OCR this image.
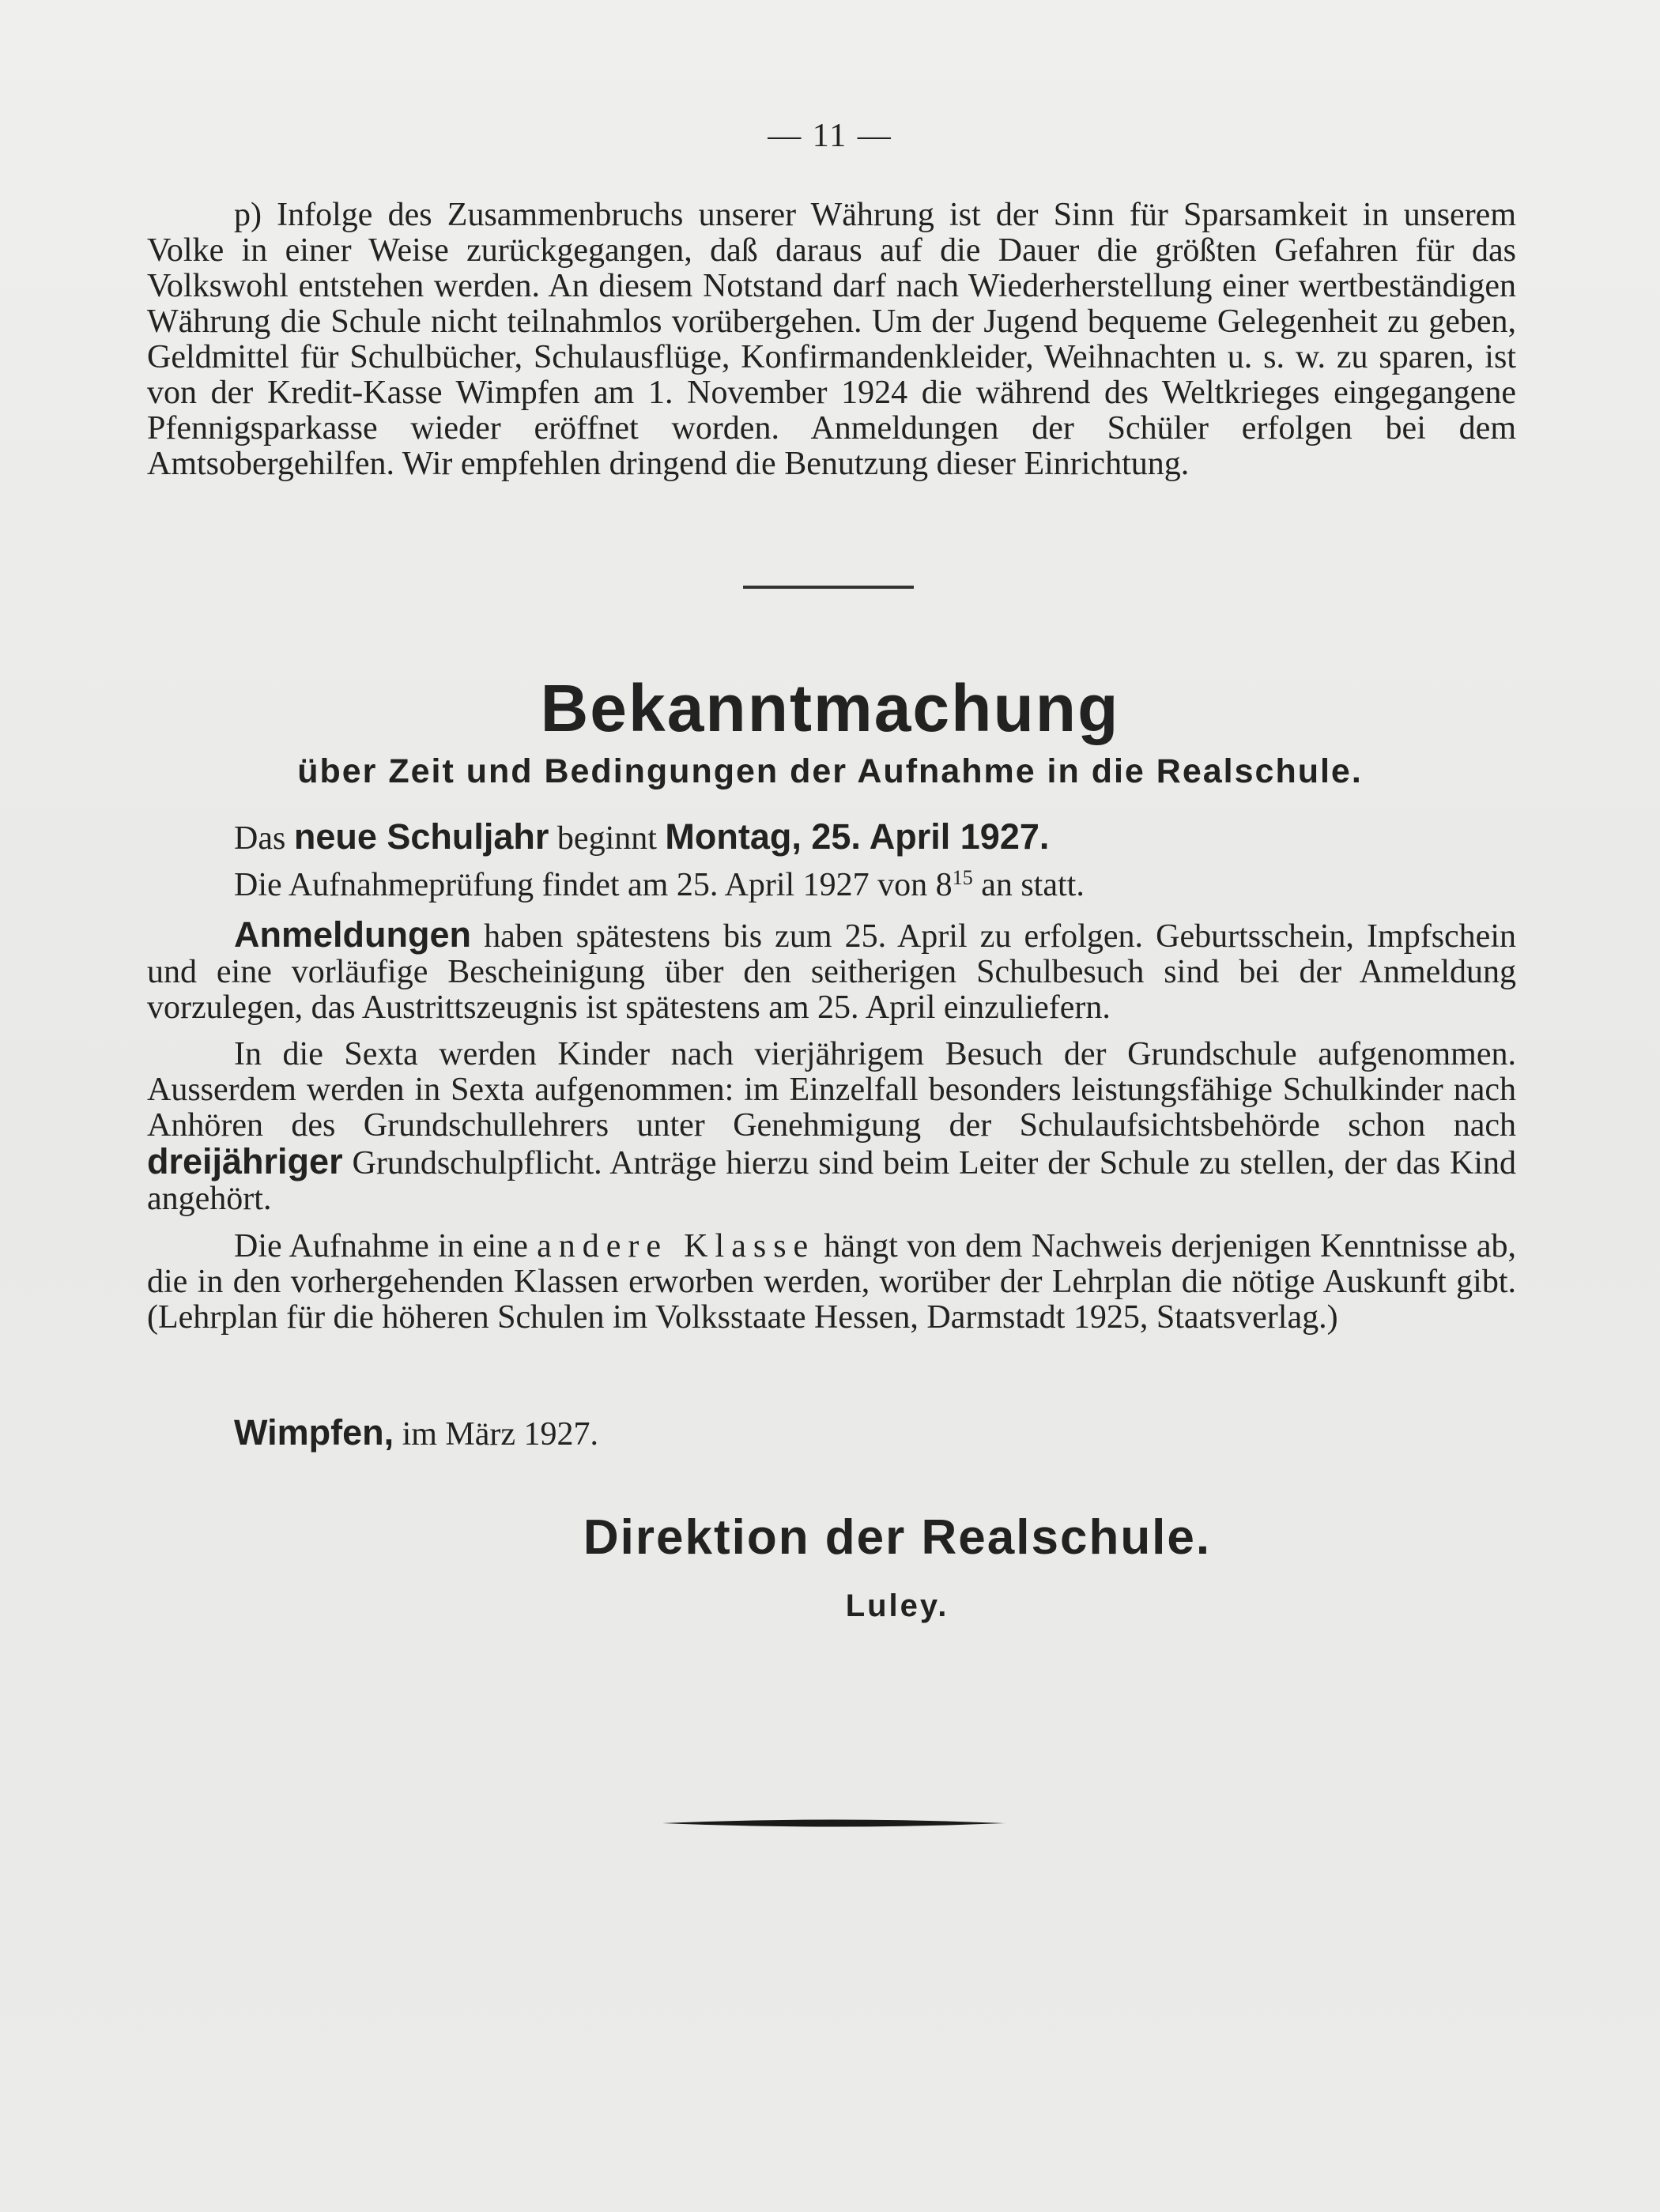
— 11 —

p) Infolge des Zusammenbruchs unserer Währung ist der Sinn für Sparsamkeit in unserem Volke in einer Weise zurückgegangen, daß daraus auf die Dauer die größten Gefahren für das Volkswohl entstehen werden. An diesem Notstand darf nach Wiederherstellung einer wertbeständigen Währung die Schule nicht teilnahmlos vorübergehen. Um der Jugend bequeme Gelegenheit zu geben, Geldmittel für Schulbücher, Schulausflüge, Konfirmandenkleider, Weihnachten u. s. w. zu sparen, ist von der Kredit-Kasse Wimpfen am 1. November 1924 die während des Weltkrieges eingegangene Pfennigsparkasse wieder eröffnet worden. Anmeldungen der Schüler erfolgen bei dem Amtsobergehilfen. Wir empfehlen dringend die Benutzung dieser Einrichtung.

Bekanntmachung
über Zeit und Bedingungen der Aufnahme in die Realschule.

Das neue Schuljahr beginnt Montag, 25. April 1927.

Die Aufnahmeprüfung findet am 25. April 1927 von $8^{15}$ an statt.

Anmeldungen haben spätestens bis zum 25. April zu erfolgen. Geburtsschein, Impfschein und eine vorläufige Bescheinigung über den seitherigen Schulbesuch sind bei der Anmeldung vorzulegen, das Austrittszeugnis ist spätestens am 25. April einzuliefern.

In die Sexta werden Kinder nach vierjährigem Besuch der Grundschule aufgenommen. Ausserdem werden in Sexta aufgenommen: im Einzelfall besonders leistungsfähige Schulkinder nach Anhören des Grundschullehrers unter Genehmigung der Schulaufsichtsbehörde schon nach dreijähriger Grundschulpflicht. Anträge hierzu sind beim Leiter der Schule zu stellen, der das Kind angehört.

Die Aufnahme in eine andere Klasse hängt von dem Nachweis derjenigen Kenntnisse ab, die in den vorhergehenden Klassen erworben werden, worüber der Lehrplan die nötige Auskunft gibt. (Lehrplan für die höheren Schulen im Volksstaate Hessen, Darmstadt 1925, Staatsverlag.)

Wimpfen, im März 1927.

Direktion der Realschule.
Luley.
